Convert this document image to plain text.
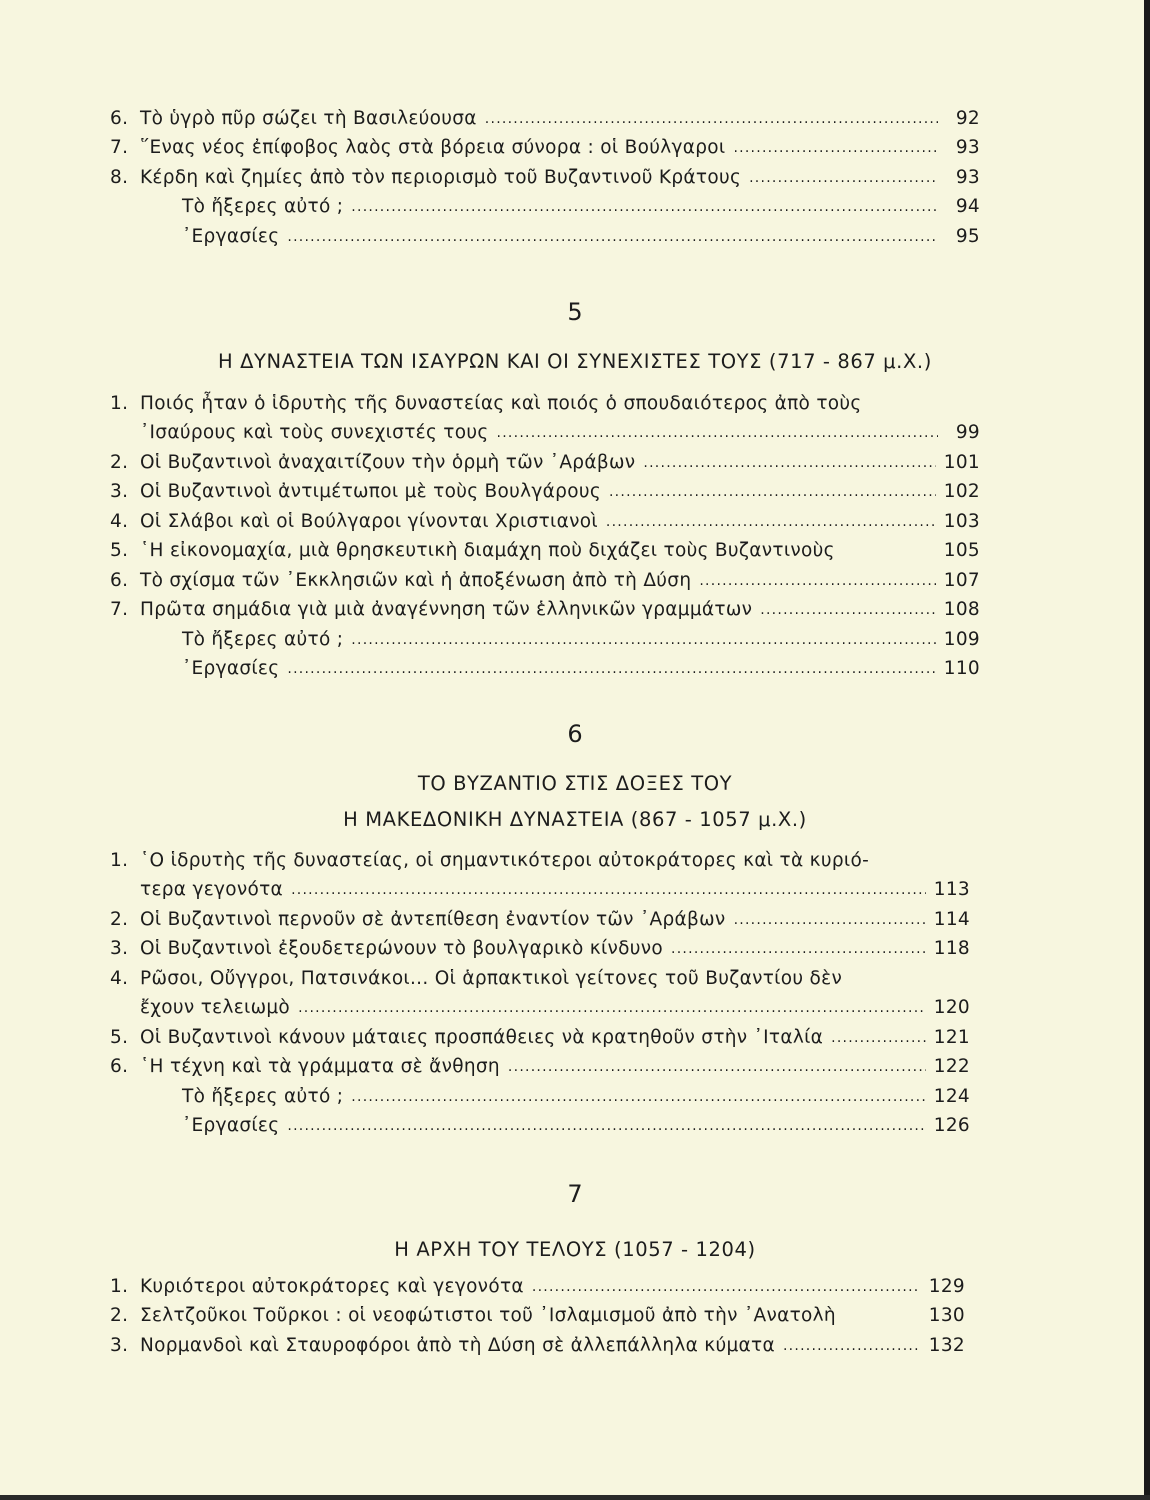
6. Τὸ ὑγρὸ πῦρ σώζει τὴ Βασιλεύουσα . . .	92
7. ῞Ενας νέος ἐπίφοβος λαὸς στὰ βόρεια σύνορα : οἱ Βούλγαροι . . .	93
8. Κέρδη καὶ ζημίες ἀπὸ τὸν περιορισμὸ τοῦ Βυζαντινοῦ Κράτους . . .	93
Τὸ ἤξερες αὐτό ; . . .	94
᾿Εργασίες . . .	95
5
Η ΔΥΝΑΣΤΕΙΑ ΤΩΝ ΙΣΑΥΡΩΝ ΚΑΙ ΟΙ ΣΥΝΕΧΙΣΤΕΣ ΤΟΥΣ (717 - 867 μ.Χ.)
1. Ποιός ἦταν ὁ ἱδρυτὴς τῆς δυναστείας καὶ ποιός ὁ σπουδαιότερος ἀπὸ τοὺς
᾿Ισαύρους καὶ τοὺς συνεχιστές τους . . .	99
2. Οἱ Βυζαντινοὶ ἀναχαιτίζουν τὴν ὁρμὴ τῶν ᾿Αράβων . . .	101
3. Οἱ Βυζαντινοὶ ἀντιμέτωποι μὲ τοὺς Βουλγάρους . . .	102
4. Οἱ Σλάβοι καὶ οἱ Βούλγαροι γίνονται Χριστιανοὶ . . .	103
5. ῾Η εἰκονομαχία, μιὰ θρησκευτικὴ διαμάχη ποὺ διχάζει τοὺς Βυζαντινοὺς	105
6. Τὸ σχίσμα τῶν ᾿Εκκλησιῶν καὶ ἡ ἀποξένωση ἀπὸ τὴ Δύση . . .	107
7. Πρῶτα σημάδια γιὰ μιὰ ἀναγέννηση τῶν ἑλληνικῶν γραμμάτων . . .	108
Τὸ ἤξερες αὐτό ; . . .	109
᾿Εργασίες . . .	110
6
ΤΟ ΒΥΖΑΝΤΙΟ ΣΤΙΣ ΔΟΞΕΣ ΤΟΥ
Η ΜΑΚΕΔΟΝΙΚΗ ΔΥΝΑΣΤΕΙΑ (867 - 1057 μ.Χ.)
1. ῾Ο ἱδρυτὴς τῆς δυναστείας, οἱ σημαντικότεροι αὐτοκράτορες καὶ τὰ κυριό-
τερα γεγονότα . . .	113
2. Οἱ Βυζαντινοὶ περνοῦν σὲ ἀντεπίθεση ἐναντίον τῶν ᾿Αράβων . . .	114
3. Οἱ Βυζαντινοὶ ἐξουδετερώνουν τὸ βουλγαρικὸ κίνδυνο . . .	118
4. Ρῶσοι, Οὔγγροι, Πατσινάκοι... Οἱ ἁρπακτικοὶ γείτονες τοῦ Βυζαντίου δὲν
ἔχουν τελειωμὸ . . .	120
5. Οἱ Βυζαντινοὶ κάνουν μάταιες προσπάθειες νὰ κρατηθοῦν στὴν ᾿Ιταλία . . .	121
6. ῾Η τέχνη καὶ τὰ γράμματα σὲ ἄνθηση . . .	122
Τὸ ἤξερες αὐτό ; . . .	124
᾿Εργασίες . . .	126
7
Η ΑΡΧΗ ΤΟΥ ΤΕΛΟΥΣ (1057 - 1204)
1. Κυριότεροι αὐτοκράτορες καὶ γεγονότα . . .	129
2. Σελτζοῦκοι Τοῦρκοι : οἱ νεοφώτιστοι τοῦ ᾿Ισλαμισμοῦ ἀπὸ τὴν ᾿Ανατολὴ	130
3. Νορμανδοὶ καὶ Σταυροφόροι ἀπὸ τὴ Δύση σὲ ἀλλεπάλληλα κύματα . . .	132
